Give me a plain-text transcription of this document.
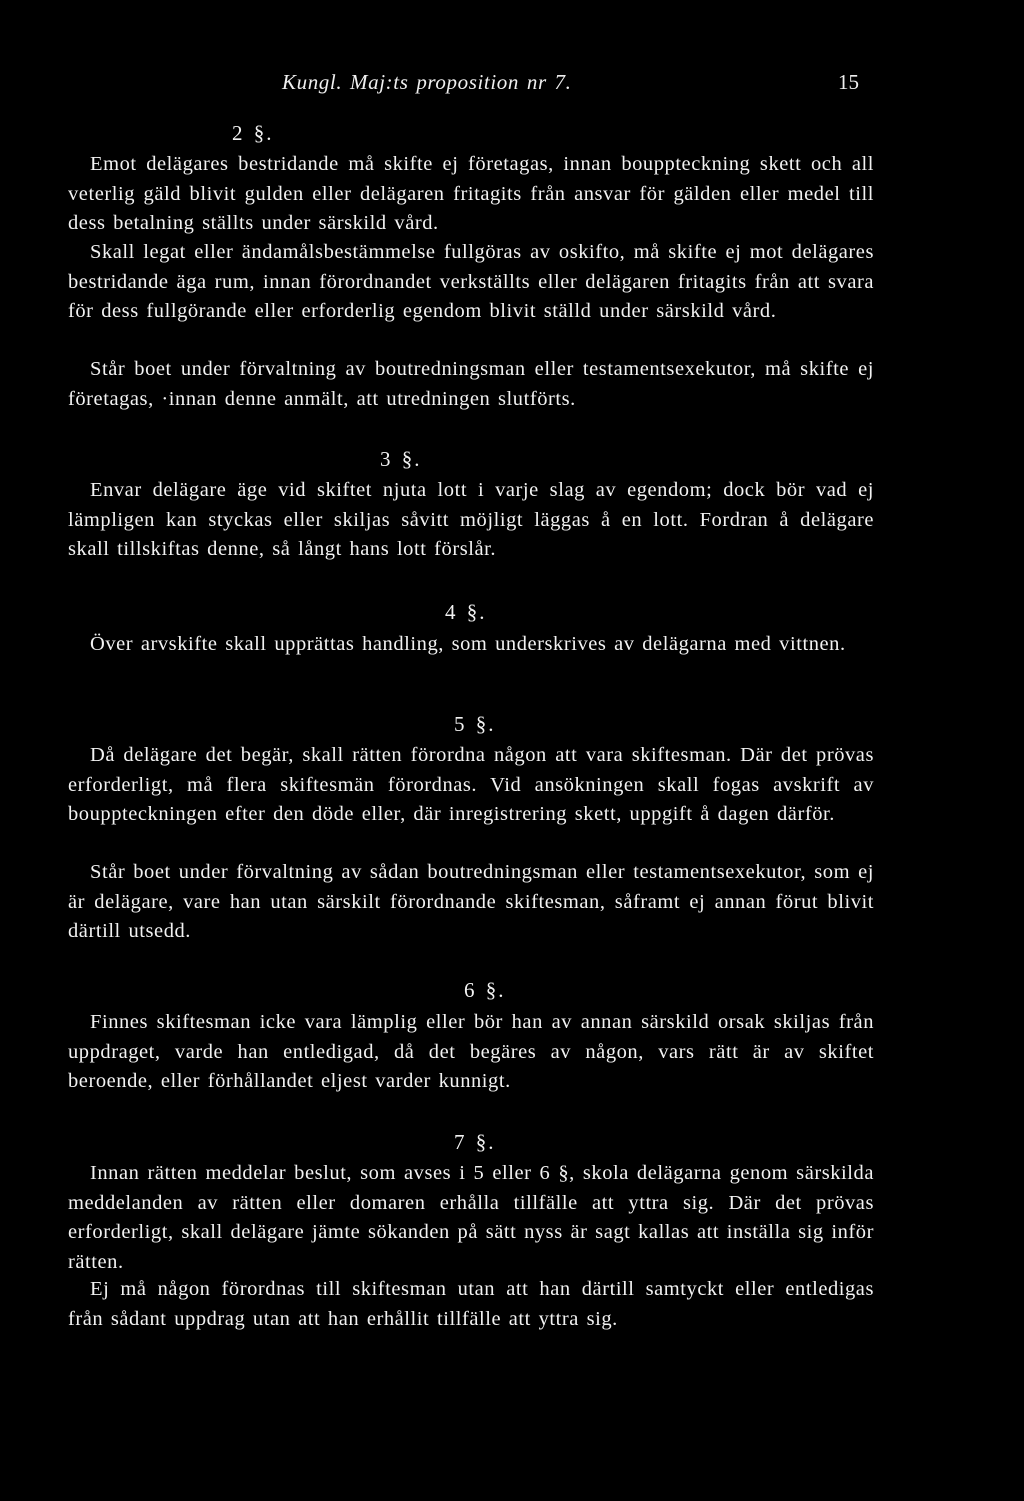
Kungl. Maj:ts proposition nr 7.	15
2 §.

Emot delägares bestridande må skifte ej företagas, innan bouppteckning skett och all veterlig gäld blivit gulden eller delägaren fritagits från ansvar för gälden eller medel till dess betalning ställts under särskild vård.

Skall legat eller ändamålsbestämmelse fullgöras av oskifto, må skifte ej mot delägares bestridande äga rum, innan förordnandet verkställts eller delägaren fritagits från att svara för dess fullgörande eller erforderlig egendom blivit ställd under särskild vård.

Står boet under förvaltning av boutredningsman eller testamentsexekutor, må skifte ej företagas, ·innan denne anmält, att utredningen slutförts.

3 §.

Envar delägare äge vid skiftet njuta lott i varje slag av egendom; dock bör vad ej lämpligen kan styckas eller skiljas såvitt möjligt läggas å en lott. Fordran å delägare skall tillskiftas denne, så långt hans lott förslår.

4 §.

Över arvskifte skall upprättas handling, som underskrives av delägarna med vittnen.

5 §.

Då delägare det begär, skall rätten förordna någon att vara skiftesman. Där det prövas erforderligt, må flera skiftesmän förordnas. Vid ansökningen skall fogas avskrift av bouppteckningen efter den döde eller, där inregistrering skett, uppgift å dagen därför.

Står boet under förvaltning av sådan boutredningsman eller testamentsexekutor, som ej är delägare, vare han utan särskilt förordnande skiftesman, såframt ej annan förut blivit därtill utsedd.

6 §.

Finnes skiftesman icke vara lämplig eller bör han av annan särskild orsak skiljas från uppdraget, varde han entledigad, då det begäres av någon, vars rätt är av skiftet beroende, eller förhållandet eljest varder kunnigt.

7 §.

Innan rätten meddelar beslut, som avses i 5 eller 6 §, skola delägarna genom särskilda meddelanden av rätten eller domaren erhålla tillfälle att yttra sig. Där det prövas erforderligt, skall delägare jämte sökanden på sätt nyss är sagt kallas att inställa sig inför rätten.

Ej må någon förordnas till skiftesman utan att han därtill samtyckt eller entledigas från sådant uppdrag utan att han erhållit tillfälle att yttra sig.
